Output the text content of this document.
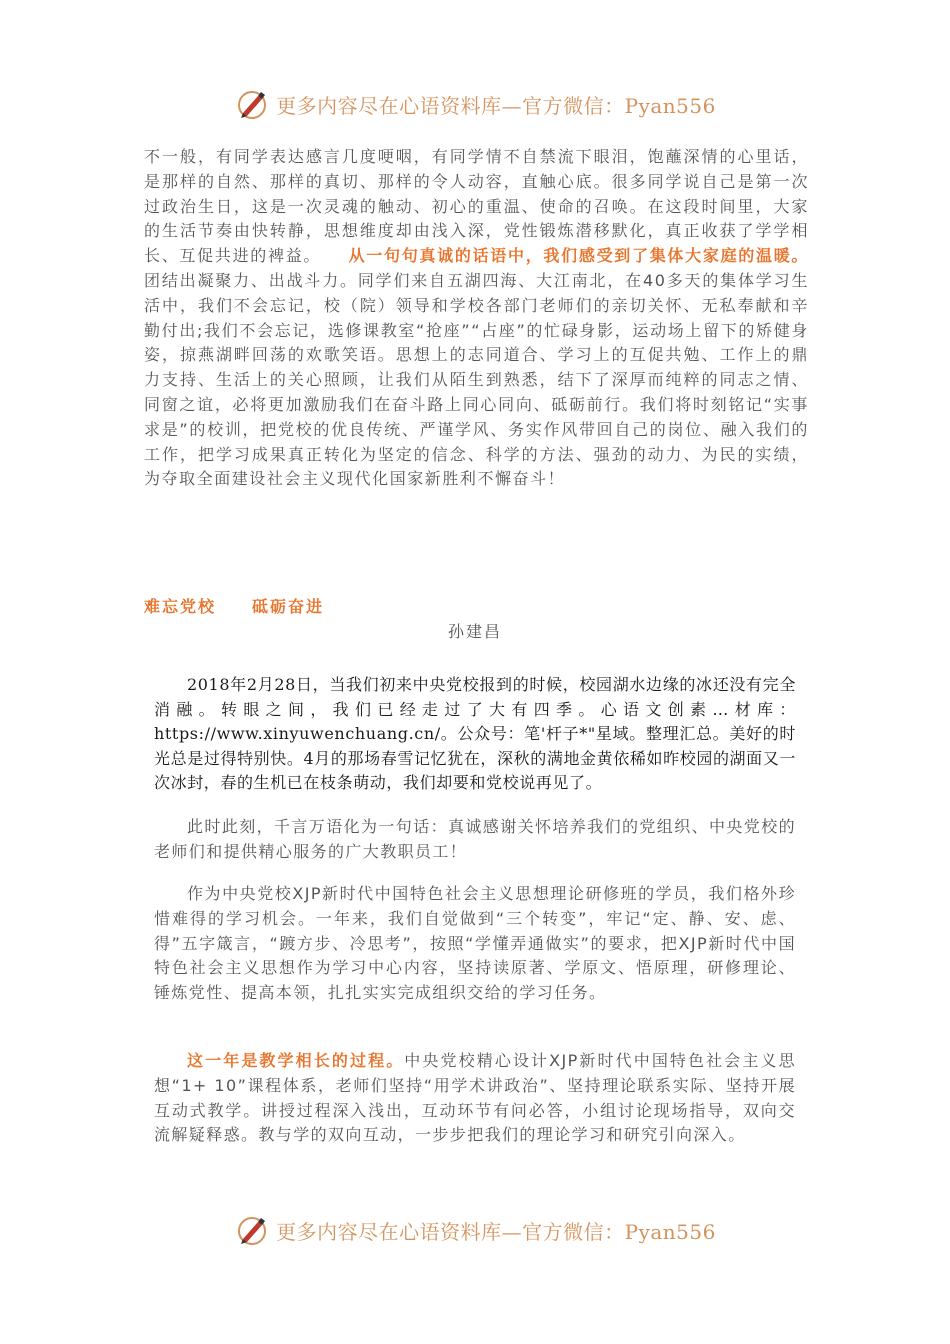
更多内容尽在心语资料库—官方微信：Pyan556
不一般，有同学表达感言几度哽咽，有同学情不自禁流下眼泪，饱蘸深情的心里话，是那样的自然、那样的真切、那样的令人动容，直触心底。很多同学说自己是第一次过政治生日，这是一次灵魂的触动、初心的重温、使命的召唤。在这段时间里，大家的生活节奏由快转静，思想维度却由浅入深，党性锻炼潜移默化，真正收获了学学相长、互促共进的裨益。　　从一句句真诚的话语中，我们感受到了集体大家庭的温暖。团结出凝聚力、出战斗力。同学们来自五湖四海、大江南北，在40多天的集体学习生活中，我们不会忘记，校（院）领导和学校各部门老师们的亲切关怀、无私奉献和辛勤付出;我们不会忘记，选修课教室“抢座”“占座”的忙碌身影，运动场上留下的矫健身姿，掠燕湖畔回荡的欢歌笑语。思想上的志同道合、学习上的互促共勉、工作上的鼎力支持、生活上的关心照顾，让我们从陌生到熟悉，结下了深厚而纯粹的同志之情、同窗之谊，必将更加激励我们在奋斗路上同心同向、砥砺前行。我们将时刻铭记“实事求是”的校训，把党校的优良传统、严谨学风、务实作风带回自己的岗位、融入我们的工作，把学习成果真正转化为坚定的信念、科学的方法、强劲的动力、为民的实绩，为夺取全面建设社会主义现代化国家新胜利不懈奋斗！
难忘党校　　砥砺奋进
孙建昌
2018年2月28日，当我们初来中央党校报到的时候，校园湖水边缘的冰还没有完全消融。转眼之间，我们已经走过了大有四季。心语文创素…材库：https://www.xinyuwenchuang.cn/。公众号：笔'杆子*"星域。整理汇总。美好的时光总是过得特别快。4月的那场春雪记忆犹在，深秋的满地金黄依稀如昨校园的湖面又一次冰封，春的生机已在枝条萌动，我们却要和党校说再见了。
此时此刻，千言万语化为一句话：真诚感谢关怀培养我们的党组织、中央党校的老师们和提供精心服务的广大教职员工！
作为中央党校XJP新时代中国特色社会主义思想理论研修班的学员，我们格外珍惜难得的学习机会。一年来，我们自觉做到“三个转变”，牢记“定、静、安、虑、得”五字箴言，“踱方步、冷思考”，按照“学懂弄通做实”的要求，把XJP新时代中国特色社会主义思想作为学习中心内容，坚持读原著、学原文、悟原理，研修理论、锤炼党性、提高本领，扎扎实实完成组织交给的学习任务。
这一年是教学相长的过程。中央党校精心设计XJP新时代中国特色社会主义思想“1+ 10”课程体系，老师们坚持“用学术讲政治”、坚持理论联系实际、坚持开展互动式教学。讲授过程深入浅出，互动环节有问必答，小组讨论现场指导，双向交流解疑释惑。教与学的双向互动，一步步把我们的理论学习和研究引向深入。
更多内容尽在心语资料库—官方微信：Pyan556
